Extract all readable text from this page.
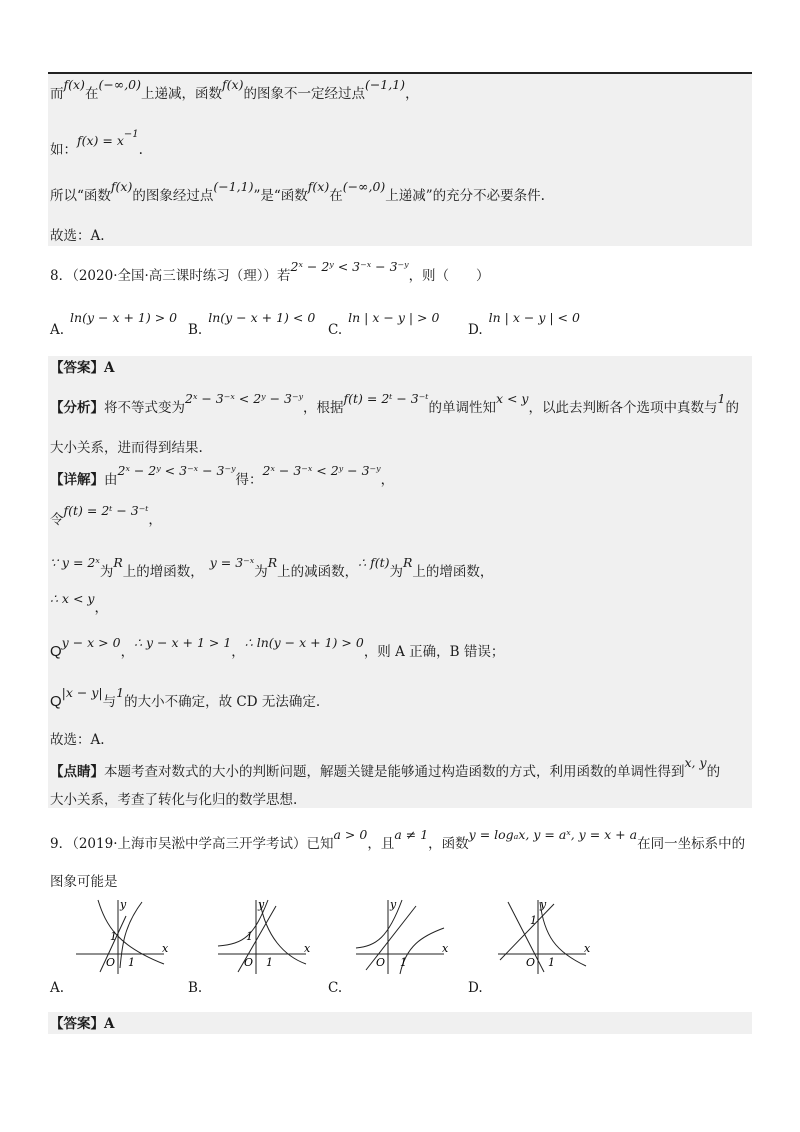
而f(x)在(−∞,0)上递减，函数f(x)的图象不一定经过点(−1,1)，
如：$f(x) = x^{-1}$.
所以“函数f(x)的图象经过点(−1,1)”是“函数f(x)在(−∞,0)上递减”的充分不必要条件.
故选：A.
8．（2020·全国·高三课时练习（理））若2ˣ − 2ʸ < 3⁻ˣ − 3⁻ʸ，则（　　）
A.ln(y − x + 1) > 0
B.ln(y − x + 1) < 0
C.ln | x − y | > 0
D.ln | x − y | < 0
【答案】A
【分析】将不等式变为2ˣ − 3⁻ˣ < 2ʸ − 3⁻ʸ，根据f(t) = 2ᵗ − 3⁻ᵗ的单调性知x < y，以此去判断各个选项中真数与1的
大小关系，进而得到结果.
【详解】由2ˣ − 2ʸ < 3⁻ˣ − 3⁻ʸ得：2ˣ − 3⁻ˣ < 2ʸ − 3⁻ʸ，
令f(t) = 2ᵗ − 3⁻ᵗ，
∵ y = 2ˣ为R上的增函数，y = 3⁻ˣ为R上的减函数，∴ f(t)为R上的增函数，
∴ x < y，
Qy − x > 0，∴ y − x + 1 > 1，∴ ln(y − x + 1) > 0，则 A 正确，B 错误；
Q|x − y|与1的大小不确定，故 CD 无法确定.
故选：A.
【点睛】本题考查对数式的大小的判断问题，解题关键是能够通过构造函数的方式，利用函数的单调性得到x, y的
大小关系，考查了转化与化归的数学思想.
9．（2019·上海市吴淞中学高三开学考试）已知a > 0，且a ≠ 1，函数y = logₐx, y = aˣ, y = x + a在同一坐标系中的
图象可能是
x
y
O 1
1
x
y
O 1
1
x
y
O 1
x
y
O 1
1
A.	B.	C.	D.
【答案】A
